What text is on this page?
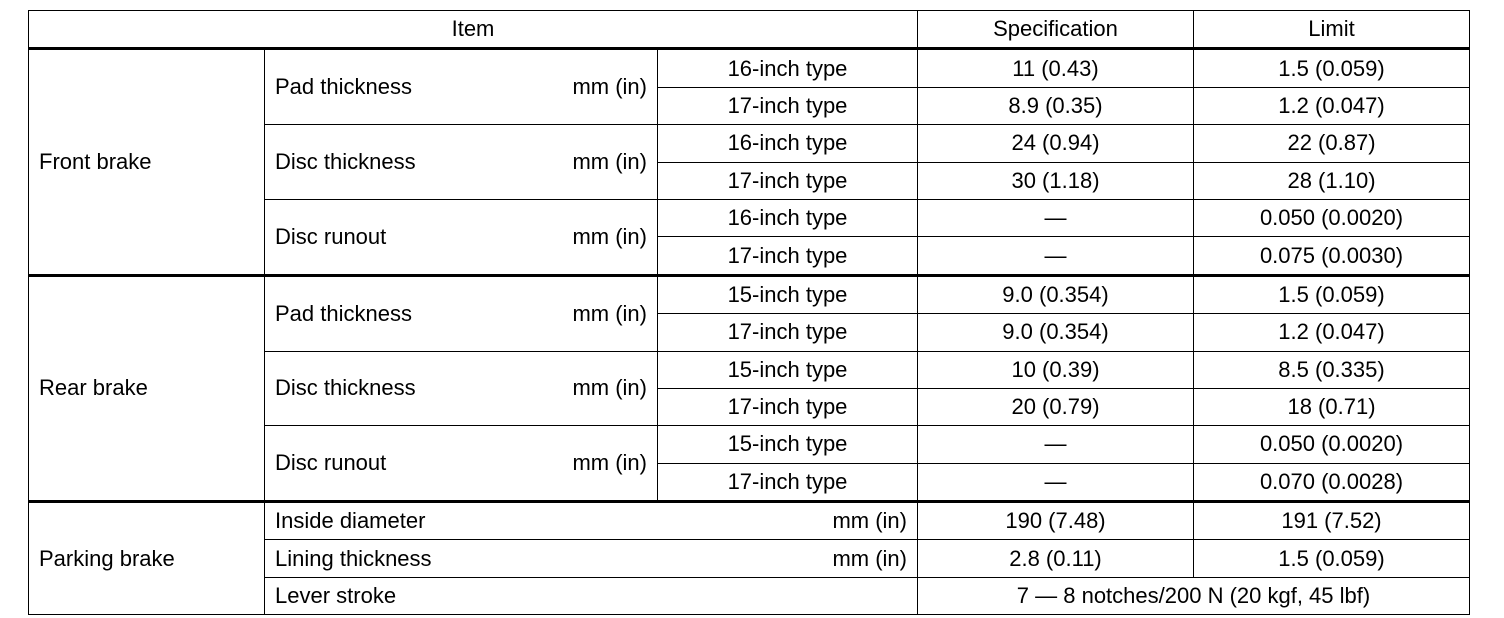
Item			Specification	Limit
Front brake	Pad thickness mm (in)	16-inch type	11 (0.43)	1.5 (0.059)
		17-inch type	8.9 (0.35)	1.2 (0.047)
	Disc thickness mm (in)	16-inch type	24 (0.94)	22 (0.87)
		17-inch type	30 (1.18)	28 (1.10)
	Disc runout mm (in)	16-inch type	—	0.050 (0.0020)
		17-inch type	—	0.075 (0.0030)
Rear brake	Pad thickness mm (in)	15-inch type	9.0 (0.354)	1.5 (0.059)
		17-inch type	9.0 (0.354)	1.2 (0.047)
	Disc thickness mm (in)	15-inch type	10 (0.39)	8.5 (0.335)
		17-inch type	20 (0.79)	18 (0.71)
	Disc runout mm (in)	15-inch type	—	0.050 (0.0020)
		17-inch type	—	0.070 (0.0028)
Parking brake	Inside diameter mm (in)		190 (7.48)	191 (7.52)
	Lining thickness mm (in)		2.8 (0.11)	1.5 (0.059)
	Lever stroke		7 — 8 notches/200 N (20 kgf, 45 lbf)	
